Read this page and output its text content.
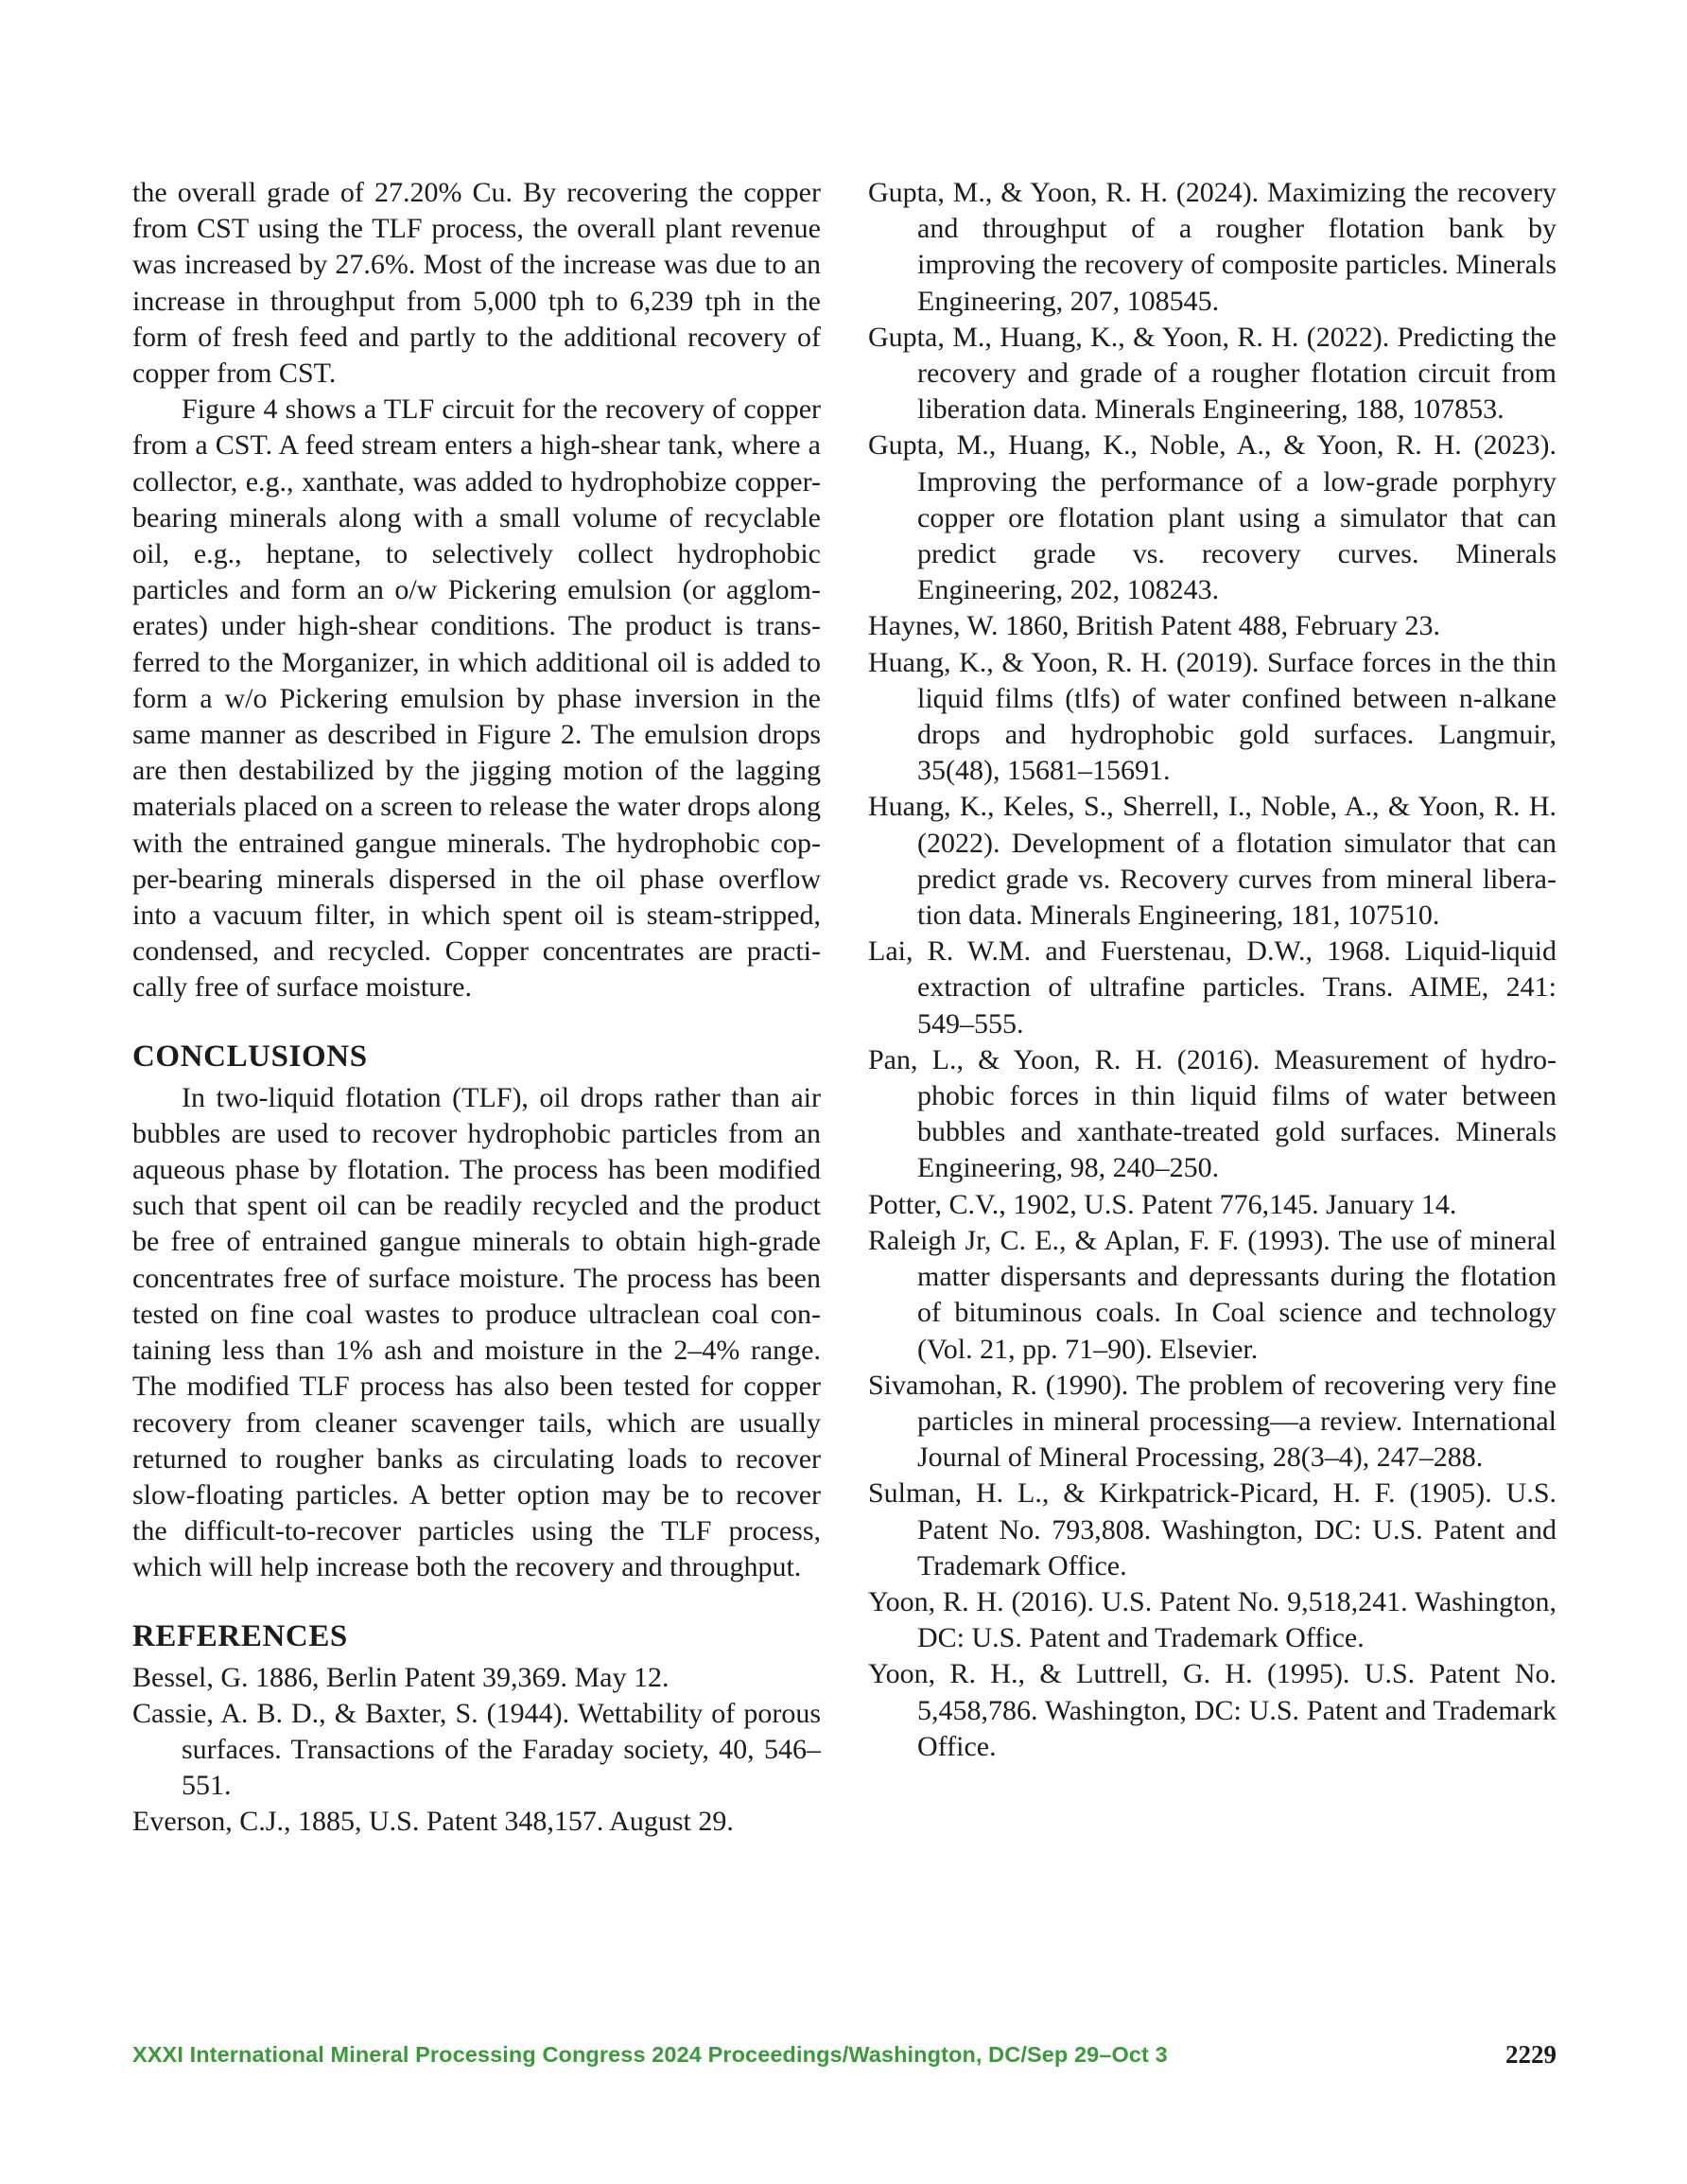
the overall grade of 27.20% Cu. By recovering the copper from CST using the TLF process, the overall plant revenue was increased by 27.6%. Most of the increase was due to an increase in throughput from 5,000 tph to 6,239 tph in the form of fresh feed and partly to the additional recovery of copper from CST.

Figure 4 shows a TLF circuit for the recovery of copper from a CST. A feed stream enters a high-shear tank, where a collector, e.g., xanthate, was added to hydrophobize copper-bearing minerals along with a small volume of recyclable oil, e.g., heptane, to selectively collect hydrophobic particles and form an o/w Pickering emulsion (or agglomerates) under high-shear conditions. The product is transferred to the Morganizer, in which additional oil is added to form a w/o Pickering emulsion by phase inversion in the same manner as described in Figure 2. The emulsion drops are then destabilized by the jigging motion of the lagging materials placed on a screen to release the water drops along with the entrained gangue minerals. The hydrophobic copper-bearing minerals dispersed in the oil phase overflow into a vacuum filter, in which spent oil is steam-stripped, condensed, and recycled. Copper concentrates are practically free of surface moisture.

CONCLUSIONS

In two-liquid flotation (TLF), oil drops rather than air bubbles are used to recover hydrophobic particles from an aqueous phase by flotation. The process has been modified such that spent oil can be readily recycled and the product be free of entrained gangue minerals to obtain high-grade concentrates free of surface moisture. The process has been tested on fine coal wastes to produce ultraclean coal containing less than 1% ash and moisture in the 2–4% range. The modified TLF process has also been tested for copper recovery from cleaner scavenger tails, which are usually returned to rougher banks as circulating loads to recover slow-floating particles. A better option may be to recover the difficult-to-recover particles using the TLF process, which will help increase both the recovery and throughput.

REFERENCES

Bessel, G. 1886, Berlin Patent 39,369. May 12.

Cassie, A. B. D., & Baxter, S. (1944). Wettability of porous surfaces. Transactions of the Faraday society, 40, 546–551.

Everson, C.J., 1885, U.S. Patent 348,157. August 29.

Gupta, M., & Yoon, R. H. (2024). Maximizing the recovery and throughput of a rougher flotation bank by improving the recovery of composite particles. Minerals Engineering, 207, 108545.

Gupta, M., Huang, K., & Yoon, R. H. (2022). Predicting the recovery and grade of a rougher flotation circuit from liberation data. Minerals Engineering, 188, 107853.

Gupta, M., Huang, K., Noble, A., & Yoon, R. H. (2023). Improving the performance of a low-grade porphyry copper ore flotation plant using a simulator that can predict grade vs. recovery curves. Minerals Engineering, 202, 108243.

Haynes, W. 1860, British Patent 488, February 23.

Huang, K., & Yoon, R. H. (2019). Surface forces in the thin liquid films (tlfs) of water confined between n-alkane drops and hydrophobic gold surfaces. Langmuir, 35(48), 15681–15691.

Huang, K., Keles, S., Sherrell, I., Noble, A., & Yoon, R. H. (2022). Development of a flotation simulator that can predict grade vs. Recovery curves from mineral liberation data. Minerals Engineering, 181, 107510.

Lai, R. W.M. and Fuerstenau, D.W., 1968. Liquid-liquid extraction of ultrafine particles. Trans. AIME, 241: 549–555.

Pan, L., & Yoon, R. H. (2016). Measurement of hydrophobic forces in thin liquid films of water between bubbles and xanthate-treated gold surfaces. Minerals Engineering, 98, 240–250.

Potter, C.V., 1902, U.S. Patent 776,145. January 14.

Raleigh Jr, C. E., & Aplan, F. F. (1993). The use of mineral matter dispersants and depressants during the flotation of bituminous coals. In Coal science and technology (Vol. 21, pp. 71–90). Elsevier.

Sivamohan, R. (1990). The problem of recovering very fine particles in mineral processing—a review. International Journal of Mineral Processing, 28(3–4), 247–288.

Sulman, H. L., & Kirkpatrick-Picard, H. F. (1905). U.S. Patent No. 793,808. Washington, DC: U.S. Patent and Trademark Office.

Yoon, R. H. (2016). U.S. Patent No. 9,518,241. Washington, DC: U.S. Patent and Trademark Office.

Yoon, R. H., & Luttrell, G. H. (1995). U.S. Patent No. 5,458,786. Washington, DC: U.S. Patent and Trademark Office.

XXXI International Mineral Processing Congress 2024 Proceedings/Washington, DC/Sep 29–Oct 3	2229
